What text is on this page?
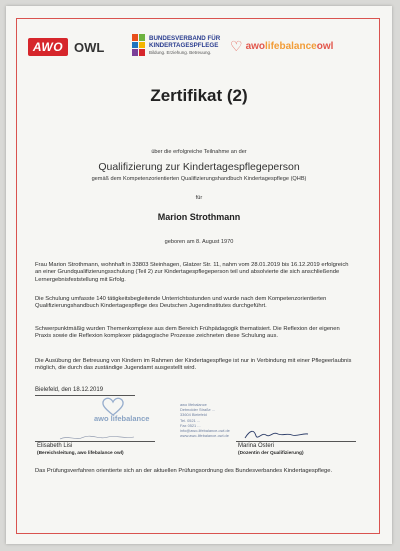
AWO OWL
BUNDESVERBAND FÜR
KINDERTAGESPFLEGE
Bildung. Erziehung. Betreuung.	♡ awolifebalanceowl
Zertifikat (2)
über die erfolgreiche Teilnahme an der
Qualifizierung zur Kindertagespflegeperson
gemäß dem Kompetenzorientierten Qualifizierungshandbuch Kindertagespflege (QHB)
für
Marion Strothmann
geboren am 8. August 1970
Frau Marion Strothmann, wohnhaft in 33803 Steinhagen, Glatzer Str. 11, nahm vom 28.01.2019 bis 16.12.2019 erfolgreich an einer Grundqualifizierungsschulung (Teil 2) zur Kindertagespflegeperson teil und absolvierte die sich anschließende Lernergebnisfeststellung mit Erfolg.
Die Schulung umfasste 140 tätigkeitsbegleitende Unterrichtsstunden und wurde nach dem Kompetenzorientierten Qualifizierungshandbuch Kindertagespflege des Deutschen Jugendinstitutes durchgeführt.
Schwerpunktmäßig wurden Themenkomplexe aus dem Bereich Frühpädagogik thematisiert. Die Reflexion der eigenen Praxis sowie die Reflexion komplexer pädagogische Prozesse zeichneten diese Schulung aus.
Die Ausübung der Betreuung von Kindern im Rahmen der Kindertagespflege ist nur in Verbindung mit einer Pflegeerlaubnis möglich, die durch das zuständige Jugendamt ausgestellt wird.
Bielefeld, den 18.12.2019
awo lifebalance
awo lifebalance
Detmolder Straße ...
33604 Bielefeld
Tel. 0521 ...
Fax 0521 ...
info@awo-lifebalance-owl.de
www.awo-lifebalance-owl.de
Elisabeth Lisi
(Bereichsleitung, awo lifebalance owl)
Marina Osteri
(Dozentin der Qualifizierung)
Das Prüfungsverfahren orientierte sich an der aktuellen Prüfungsordnung des Bundesverbandes Kindertagespflege.
